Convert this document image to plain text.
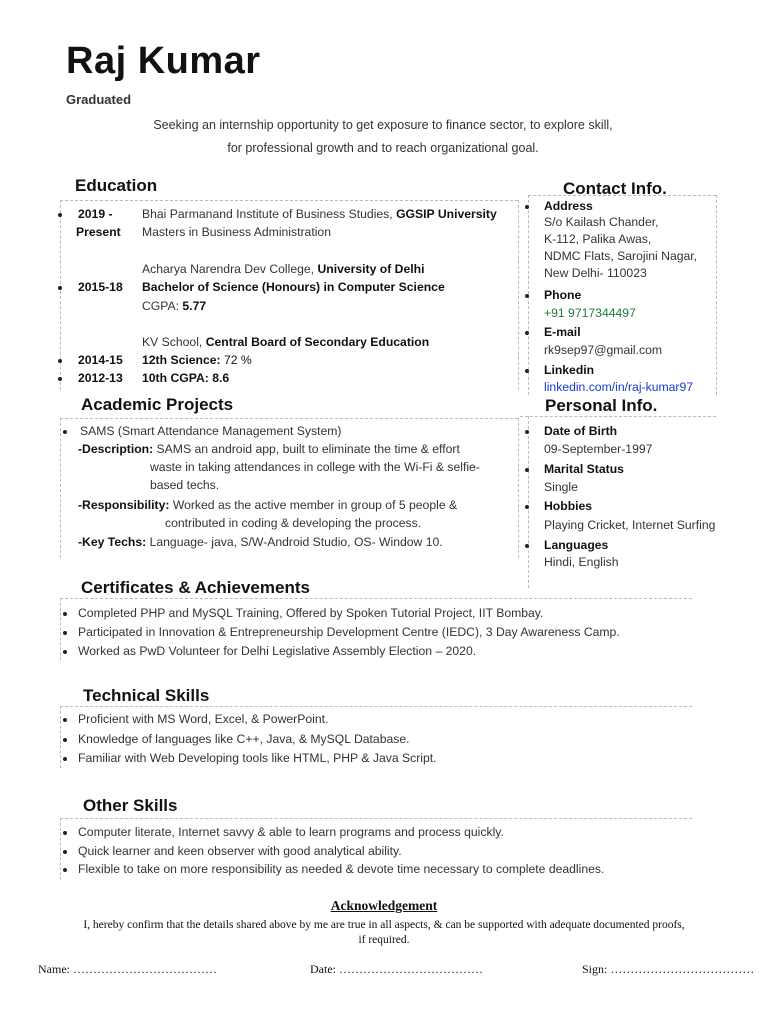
Raj Kumar
Graduated
Seeking an internship opportunity to get exposure to finance sector, to explore skill,
for professional growth and to reach organizational goal.
Education
2019 -
Present
Bhai Parmanand Institute of Business Studies, GGSIP University
Masters in Business Administration
Acharya Narendra Dev College, University of Delhi
2015-18 Bachelor of Science (Honours) in Computer Science
CGPA: 5.77
KV School, Central Board of Secondary Education
2014-15 12th Science: 72 %
2012-13 10th CGPA: 8.6
Contact Info.
Address
S/o Kailash Chander,
K-112, Palika Awas,
NDMC Flats, Sarojini Nagar,
New Delhi- 110023
Phone
+91 9717344497
E-mail
rk9sep97@gmail.com
Linkedin
linkedin.com/in/raj-kumar97
Academic Projects
SAMS (Smart Attendance Management System)
-Description: SAMS an android app, built to eliminate the time & effort
waste in taking attendances in college with the Wi-Fi & selfie-
based techs.
-Responsibility: Worked as the active member in group of 5 people &
contributed in coding & developing the process.
-Key Techs: Language- java, S/W-Android Studio, OS- Window 10.
Personal Info.
Date of Birth
09-September-1997
Marital Status
Single
Hobbies
Playing Cricket, Internet Surfing
Languages
Hindi, English
Certificates & Achievements
Completed PHP and MySQL Training, Offered by Spoken Tutorial Project, IIT Bombay.
Participated in Innovation & Entrepreneurship Development Centre (IEDC), 3 Day Awareness Camp.
Worked as PwD Volunteer for Delhi Legislative Assembly Election – 2020.
Technical Skills
Proficient with MS Word, Excel, & PowerPoint.
Knowledge of languages like C++, Java, & MySQL Database.
Familiar with Web Developing tools like HTML, PHP & Java Script.
Other Skills
Computer literate, Internet savvy & able to learn programs and process quickly.
Quick learner and keen observer with good analytical ability.
Flexible to take on more responsibility as needed & devote time necessary to complete deadlines.
Acknowledgement
I, hereby confirm that the details shared above by me are true in all aspects, & can be supported with adequate documented proofs,
if required.
Name: ………………………………	Date: ………………………………	Sign: ………………………………
